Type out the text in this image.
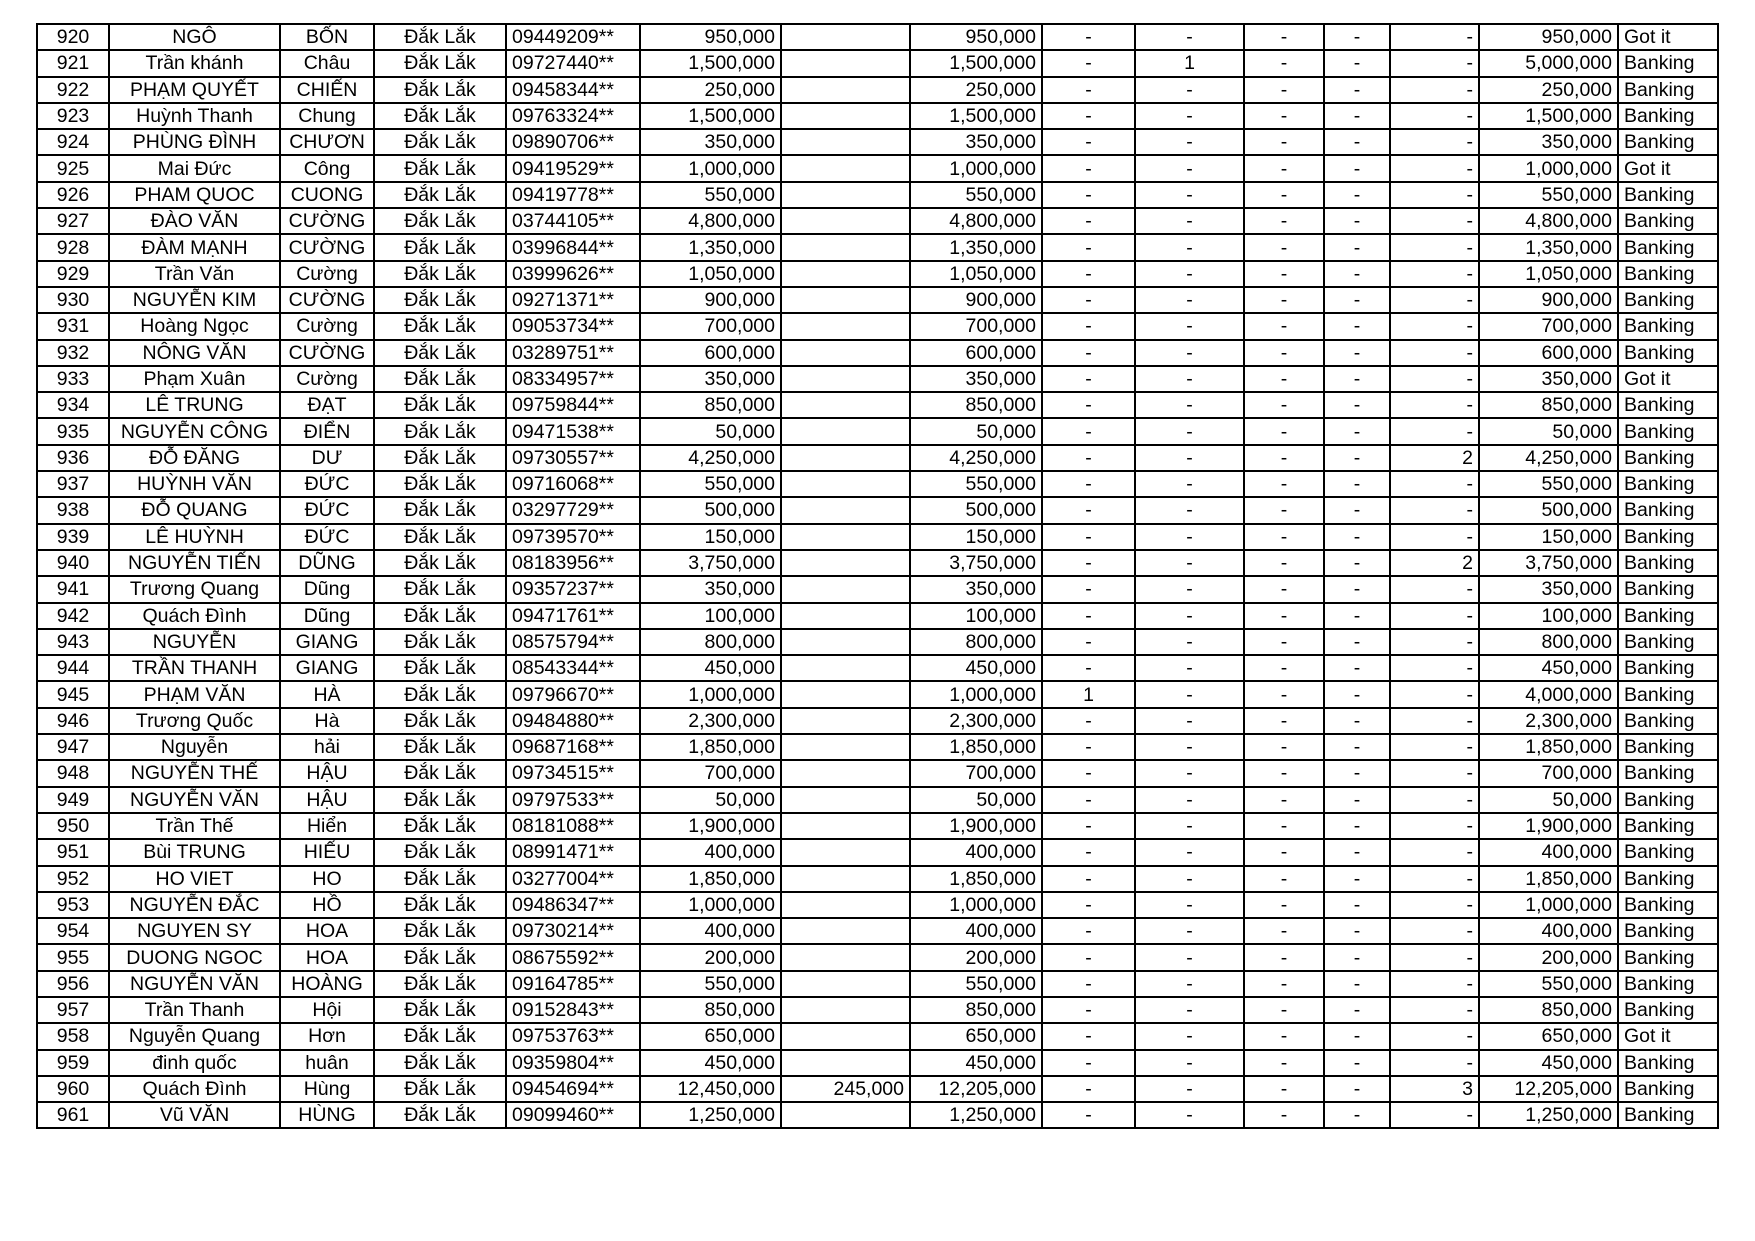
920	NGÔ	BỐN	Đắk Lắk	09449209**	950,000		950,000	-	-	-	-	-	950,000	Got it
921	Trần khánh	Châu	Đắk Lắk	09727440**	1,500,000		1,500,000	-	1	-	-	-	5,000,000	Banking
922	PHẠM QUYẾT	CHIẾN	Đắk Lắk	09458344**	250,000		250,000	-	-	-	-	-	250,000	Banking
923	Huỳnh Thanh	Chung	Đắk Lắk	09763324**	1,500,000		1,500,000	-	-	-	-	-	1,500,000	Banking
924	PHÙNG ĐÌNH	CHƯƠN	Đắk Lắk	09890706**	350,000		350,000	-	-	-	-	-	350,000	Banking
925	Mai Đức	Công	Đắk Lắk	09419529**	1,000,000		1,000,000	-	-	-	-	-	1,000,000	Got it
926	PHAM QUOC	CUONG	Đắk Lắk	09419778**	550,000		550,000	-	-	-	-	-	550,000	Banking
927	ĐÀO VĂN	CƯỜNG	Đắk Lắk	03744105**	4,800,000		4,800,000	-	-	-	-	-	4,800,000	Banking
928	ĐÀM MẠNH	CƯỜNG	Đắk Lắk	03996844**	1,350,000		1,350,000	-	-	-	-	-	1,350,000	Banking
929	Trần Văn	Cường	Đắk Lắk	03999626**	1,050,000		1,050,000	-	-	-	-	-	1,050,000	Banking
930	NGUYỄN KIM	CƯỜNG	Đắk Lắk	09271371**	900,000		900,000	-	-	-	-	-	900,000	Banking
931	Hoàng Ngọc	Cường	Đắk Lắk	09053734**	700,000		700,000	-	-	-	-	-	700,000	Banking
932	NÔNG VĂN	CƯỜNG	Đắk Lắk	03289751**	600,000		600,000	-	-	-	-	-	600,000	Banking
933	Phạm Xuân	Cường	Đắk Lắk	08334957**	350,000		350,000	-	-	-	-	-	350,000	Got it
934	LÊ TRUNG	ĐẠT	Đắk Lắk	09759844**	850,000		850,000	-	-	-	-	-	850,000	Banking
935	NGUYỄN CÔNG	ĐIỂN	Đắk Lắk	09471538**	50,000		50,000	-	-	-	-	-	50,000	Banking
936	ĐỖ ĐĂNG	DƯ	Đắk Lắk	09730557**	4,250,000		4,250,000	-	-	-	-	2	4,250,000	Banking
937	HUỲNH VĂN	ĐỨC	Đắk Lắk	09716068**	550,000		550,000	-	-	-	-	-	550,000	Banking
938	ĐỖ QUANG	ĐỨC	Đắk Lắk	03297729**	500,000		500,000	-	-	-	-	-	500,000	Banking
939	LÊ HUỲNH	ĐỨC	Đắk Lắk	09739570**	150,000		150,000	-	-	-	-	-	150,000	Banking
940	NGUYỄN TIẾN	DŨNG	Đắk Lắk	08183956**	3,750,000		3,750,000	-	-	-	-	2	3,750,000	Banking
941	Trương Quang	Dũng	Đắk Lắk	09357237**	350,000		350,000	-	-	-	-	-	350,000	Banking
942	Quách Đình	Dũng	Đắk Lắk	09471761**	100,000		100,000	-	-	-	-	-	100,000	Banking
943	NGUYỄN	GIANG	Đắk Lắk	08575794**	800,000		800,000	-	-	-	-	-	800,000	Banking
944	TRẦN THANH	GIANG	Đắk Lắk	08543344**	450,000		450,000	-	-	-	-	-	450,000	Banking
945	PHẠM VĂN	HÀ	Đắk Lắk	09796670**	1,000,000		1,000,000	1	-	-	-	-	4,000,000	Banking
946	Trương Quốc	Hà	Đắk Lắk	09484880**	2,300,000		2,300,000	-	-	-	-	-	2,300,000	Banking
947	Nguyễn	hải	Đắk Lắk	09687168**	1,850,000		1,850,000	-	-	-	-	-	1,850,000	Banking
948	NGUYỄN THẾ	HẬU	Đắk Lắk	09734515**	700,000		700,000	-	-	-	-	-	700,000	Banking
949	NGUYỄN VĂN	HẬU	Đắk Lắk	09797533**	50,000		50,000	-	-	-	-	-	50,000	Banking
950	Trần Thế	Hiển	Đắk Lắk	08181088**	1,900,000		1,900,000	-	-	-	-	-	1,900,000	Banking
951	Bùi TRUNG	HIẾU	Đắk Lắk	08991471**	400,000		400,000	-	-	-	-	-	400,000	Banking
952	HO VIET	HO	Đắk Lắk	03277004**	1,850,000		1,850,000	-	-	-	-	-	1,850,000	Banking
953	NGUYỄN ĐẮC	HỒ	Đắk Lắk	09486347**	1,000,000		1,000,000	-	-	-	-	-	1,000,000	Banking
954	NGUYEN SY	HOA	Đắk Lắk	09730214**	400,000		400,000	-	-	-	-	-	400,000	Banking
955	DUONG NGOC	HOA	Đắk Lắk	08675592**	200,000		200,000	-	-	-	-	-	200,000	Banking
956	NGUYỄN VĂN	HOÀNG	Đắk Lắk	09164785**	550,000		550,000	-	-	-	-	-	550,000	Banking
957	Trần Thanh	Hội	Đắk Lắk	09152843**	850,000		850,000	-	-	-	-	-	850,000	Banking
958	Nguyễn Quang	Hơn	Đắk Lắk	09753763**	650,000		650,000	-	-	-	-	-	650,000	Got it
959	đinh quốc	huân	Đắk Lắk	09359804**	450,000		450,000	-	-	-	-	-	450,000	Banking
960	Quách Đình	Hùng	Đắk Lắk	09454694**	12,450,000	245,000	12,205,000	-	-	-	-	3	12,205,000	Banking
961	Vũ VĂN	HÙNG	Đắk Lắk	09099460**	1,250,000		1,250,000	-	-	-	-	-	1,250,000	Banking
